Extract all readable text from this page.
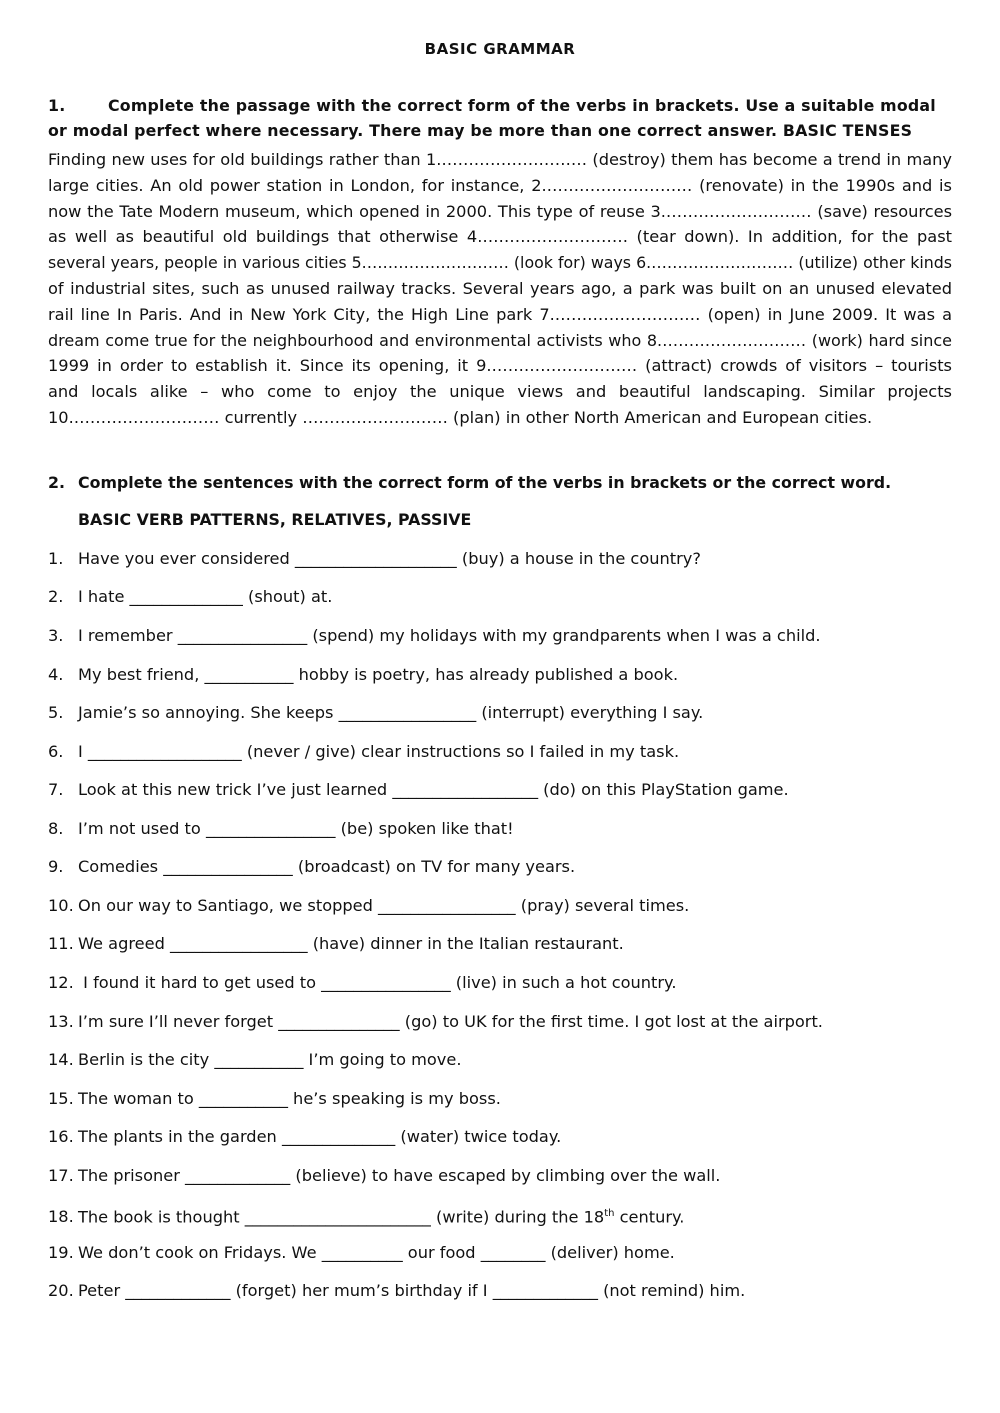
BASIC GRAMMAR
1.	Complete the passage with the correct form of the verbs in brackets. Use a suitable modal or modal perfect where necessary. There may be more than one correct answer. BASIC TENSES
Finding new uses for old buildings rather than 1.……………………… (destroy) them has become a trend in many
large cities. An old power station in London, for instance, 2.……………………… (renovate) in the 1990s and is
now the Tate Modern museum, which opened in 2000. This type of reuse 3.……………………… (save) resources
as well as beautiful old buildings that otherwise 4.……………………… (tear down). In addition, for the past
several years, people in various cities 5.……………………… (look for) ways 6.……………………… (utilize) other kinds
of industrial sites, such as unused railway tracks. Several years ago, a park was built on an unused elevated
rail line In Paris. And in New York City, the High Line park 7.……………………… (open) in June 2009. It was a
dream come true for the neighbourhood and environmental activists who 8.……………………… (work) hard since
1999 in order to establish it. Since its opening, it 9.……………………… (attract) crowds of visitors – tourists
and locals alike – who come to enjoy the unique views and beautiful landscaping. Similar projects
10.……………………… currently ……………………… (plan) in other North American and European cities.
2. Complete the sentences with the correct form of the verbs in brackets or the correct word.
BASIC VERB PATTERNS, RELATIVES, PASSIVE
1. Have you ever considered ____________________ (buy) a house in the country?
2. I hate ______________ (shout) at.
3. I remember ________________ (spend) my holidays with my grandparents when I was a child.
4. My best friend, ___________ hobby is poetry, has already published a book.
5. Jamie’s so annoying. She keeps _________________ (interrupt) everything I say.
6. I ___________________ (never / give) clear instructions so I failed in my task.
7. Look at this new trick I’ve just learned __________________ (do) on this PlayStation game.
8. I’m not used to ________________ (be) spoken like that!
9. Comedies ________________ (broadcast) on TV for many years.
10. On our way to Santiago, we stopped _________________ (pray) several times.
11. We agreed _________________ (have) dinner in the Italian restaurant.
12. I found it hard to get used to ________________ (live) in such a hot country.
13. I’m sure I’ll never forget _______________ (go) to UK for the first time. I got lost at the airport.
14. Berlin is the city ___________ I’m going to move.
15. The woman to ___________ he’s speaking is my boss.
16. The plants in the garden ______________ (water) twice today.
17. The prisoner _____________ (believe) to have escaped by climbing over the wall.
18. The book is thought _______________________ (write) during the 18th century.
19. We don’t cook on Fridays. We __________ our food ________ (deliver) home.
20. Peter _____________ (forget) her mum’s birthday if I _____________ (not remind) him.
